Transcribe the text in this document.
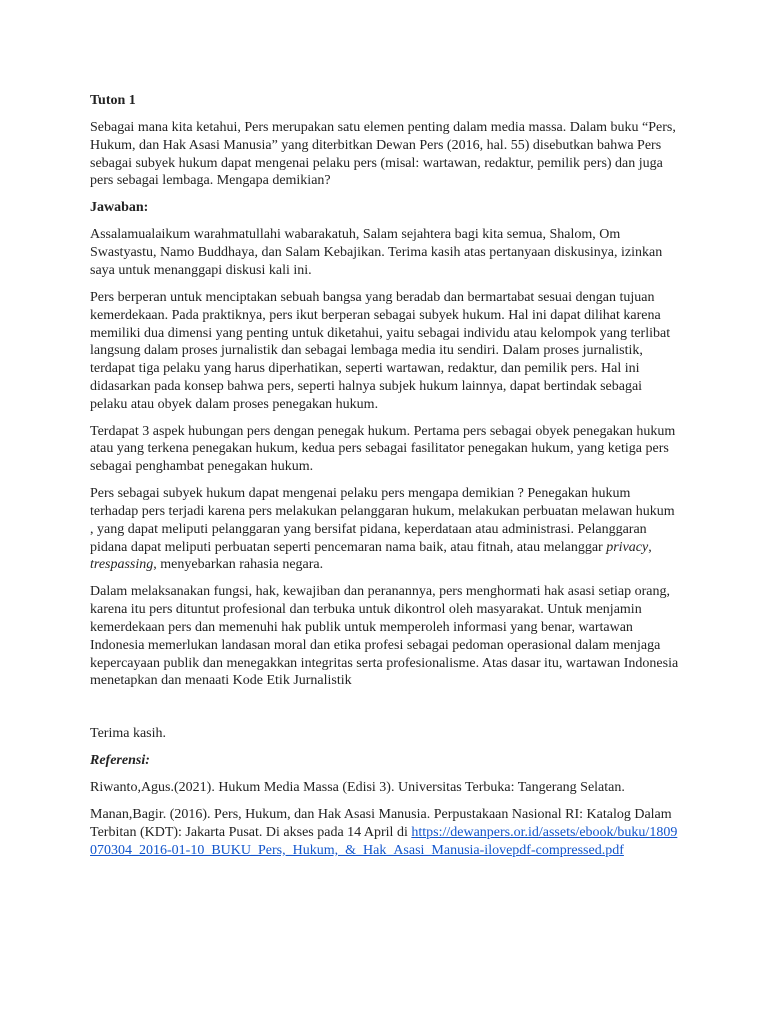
Tuton 1

Sebagai mana kita ketahui, Pers merupakan satu elemen penting dalam media massa. Dalam buku “Pers, Hukum, dan Hak Asasi Manusia” yang diterbitkan Dewan Pers (2016, hal. 55) disebutkan bahwa Pers sebagai subyek hukum dapat mengenai pelaku pers (misal: wartawan, redaktur, pemilik pers) dan juga pers sebagai lembaga. Mengapa demikian?

Jawaban:

Assalamualaikum warahmatullahi wabarakatuh, Salam sejahtera bagi kita semua, Shalom, Om Swastyastu, Namo Buddhaya, dan Salam Kebajikan. Terima kasih atas pertanyaan diskusinya, izinkan saya untuk menanggapi diskusi kali ini.

Pers berperan untuk menciptakan sebuah bangsa yang beradab dan bermartabat sesuai dengan tujuan kemerdekaan. Pada praktiknya, pers ikut berperan sebagai subyek hukum. Hal ini dapat dilihat karena memiliki dua dimensi yang penting untuk diketahui, yaitu sebagai individu atau kelompok yang terlibat langsung dalam proses jurnalistik dan sebagai lembaga media itu sendiri. Dalam proses jurnalistik, terdapat tiga pelaku yang harus diperhatikan, seperti wartawan, redaktur, dan pemilik pers. Hal ini didasarkan pada konsep bahwa pers, seperti halnya subjek hukum lainnya, dapat bertindak sebagai pelaku atau obyek dalam proses penegakan hukum.

Terdapat 3 aspek hubungan pers dengan penegak hukum. Pertama pers sebagai obyek penegakan hukum atau yang terkena penegakan hukum, kedua pers sebagai fasilitator penegakan hukum, yang ketiga pers sebagai penghambat penegakan hukum.

Pers sebagai subyek hukum dapat mengenai pelaku pers mengapa demikian ? Penegakan hukum terhadap pers terjadi karena pers melakukan pelanggaran hukum, melakukan perbuatan melawan hukum , yang dapat meliputi pelanggaran yang bersifat pidana, keperdataan atau administrasi. Pelanggaran pidana dapat meliputi perbuatan seperti pencemaran nama baik, atau fitnah, atau melanggar privacy, trespassing, menyebarkan rahasia negara.

Dalam melaksanakan fungsi, hak, kewajiban dan peranannya, pers menghormati hak asasi setiap orang, karena itu pers dituntut profesional dan terbuka untuk dikontrol oleh masyarakat. Untuk menjamin kemerdekaan pers dan memenuhi hak publik untuk memperoleh informasi yang benar, wartawan Indonesia memerlukan landasan moral dan etika profesi sebagai pedoman operasional dalam menjaga kepercayaan publik dan menegakkan integritas serta profesionalisme. Atas dasar itu, wartawan Indonesia menetapkan dan menaati Kode Etik Jurnalistik

Terima kasih.

Referensi:

Riwanto,Agus.(2021). Hukum Media Massa (Edisi 3). Universitas Terbuka: Tangerang Selatan.

Manan,Bagir. (2016). Pers, Hukum, dan Hak Asasi Manusia. Perpustakaan Nasional RI: Katalog Dalam Terbitan (KDT): Jakarta Pusat. Di akses pada 14 April di https://dewanpers.or.id/assets/ebook/buku/1809070304_2016-01-10_BUKU_Pers,_Hukum,_&_Hak_Asasi_Manusia-ilovepdf-compressed.pdf
